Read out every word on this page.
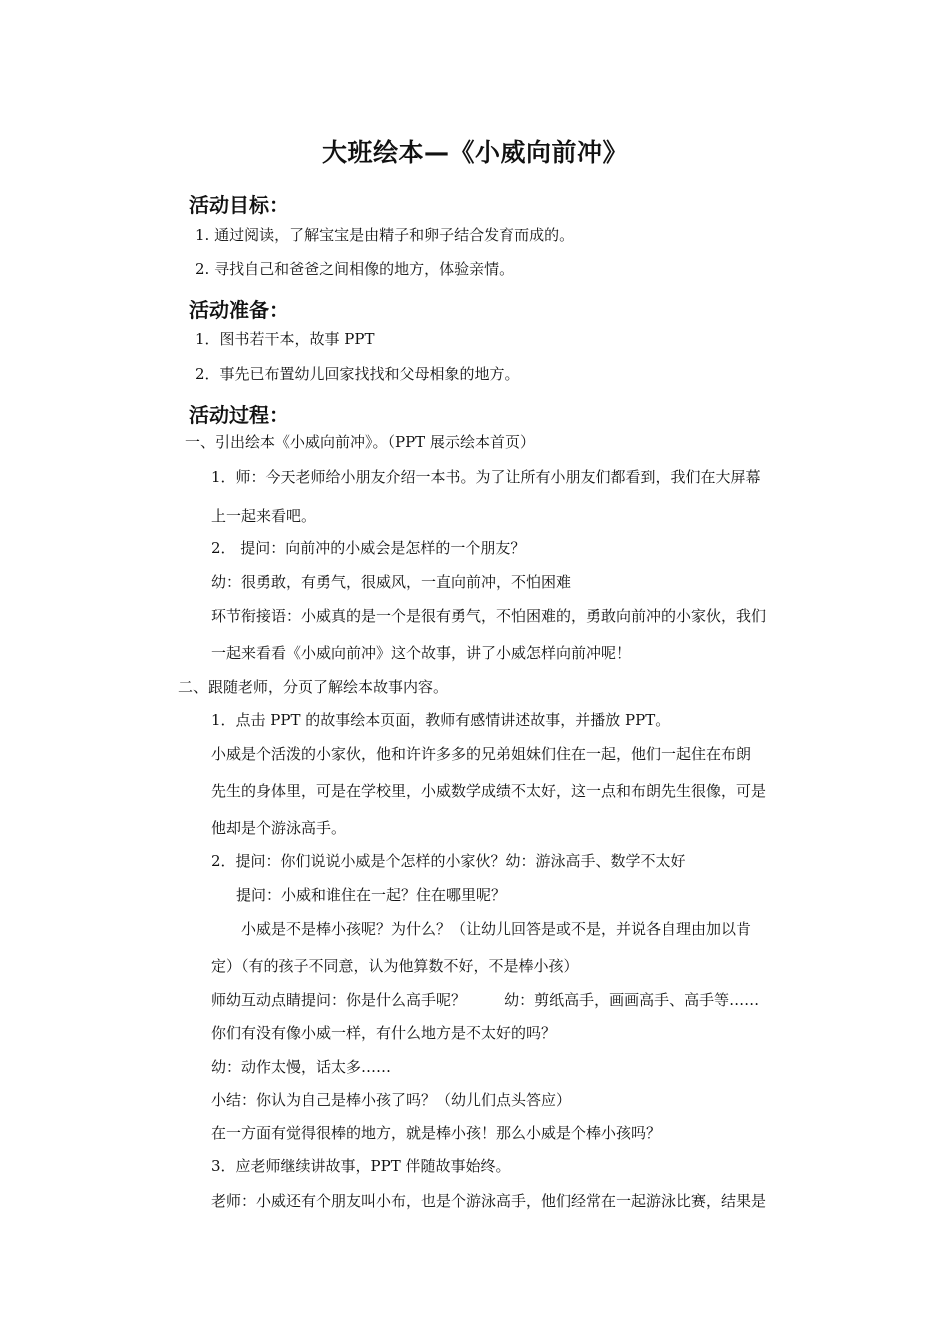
大班绘本—《小威向前冲》
活动目标：
1. 通过阅读，了解宝宝是由精子和卵子结合发育而成的。
2. 寻找自己和爸爸之间相像的地方，体验亲情。
活动准备：
1．图书若干本，故事 PPT
2．事先已布置幼儿回家找找和父母相象的地方。
活动过程：
一、引出绘本《小威向前冲》。（PPT 展示绘本首页）
1．师：今天老师给小朋友介绍一本书。为了让所有小朋友们都看到，我们在大屏幕
上一起来看吧。
2． 提问：向前冲的小威会是怎样的一个朋友？
幼：很勇敢，有勇气，很威风，一直向前冲，不怕困难
环节衔接语：小威真的是一个是很有勇气，不怕困难的，勇敢向前冲的小家伙，我们
一起来看看《小威向前冲》这个故事，讲了小威怎样向前冲呢！
二、跟随老师，分页了解绘本故事内容。
1．点击 PPT 的故事绘本页面，教师有感情讲述故事，并播放 PPT。
小威是个活泼的小家伙，他和许许多多的兄弟姐妹们住在一起，他们一起住在布朗
先生的身体里，可是在学校里，小威数学成绩不太好，这一点和布朗先生很像，可是
他却是个游泳高手。
2．提问：你们说说小威是个怎样的小家伙？幼：游泳高手、数学不太好
提问：小威和谁住在一起？住在哪里呢？
小威是不是棒小孩呢？为什么？（让幼儿回答是或不是，并说各自理由加以肯
定）（有的孩子不同意，认为他算数不好，不是棒小孩）
师幼互动点睛提问：你是什么高手呢？        幼：剪纸高手，画画高手、高手等……
你们有没有像小威一样，有什么地方是不太好的吗？
幼：动作太慢，话太多……
小结：你认为自己是棒小孩了吗？（幼儿们点头答应）
在一方面有觉得很棒的地方，就是棒小孩！那么小威是个棒小孩吗？
3．应老师继续讲故事，PPT 伴随故事始终。
老师：小威还有个朋友叫小布，也是个游泳高手，他们经常在一起游泳比赛，结果是
